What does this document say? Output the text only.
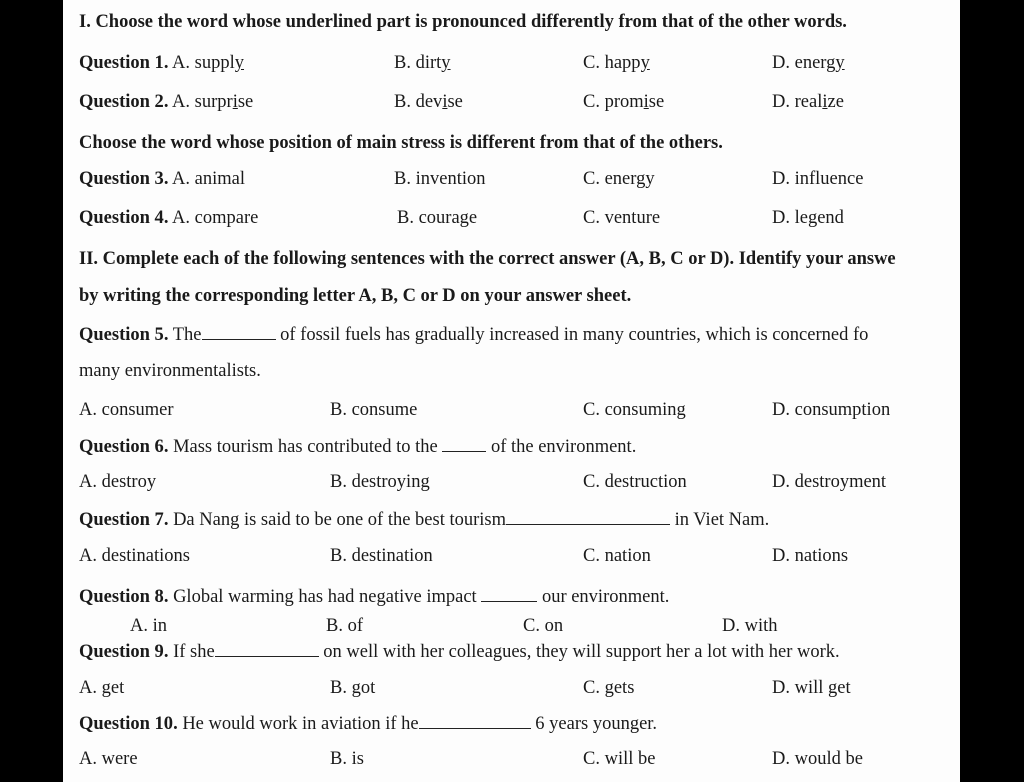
I. Choose the word whose underlined part is pronounced differently from that of the other words.
Question 1. A. supply	B. dirty	C. happy	D. energy
Question 2. A. surprise	B. devise	C. promise	D. realize
Choose the word whose position of main stress is different from that of the others.
Question 3. A. animal	B. invention	C. energy	D. influence
Question 4. A. compare	B. courage	C. venture	D. legend
II. Complete each of the following sentences with the correct answer (A, B, C or D). Identify your answe
by writing the corresponding letter A, B, C or D on your answer sheet.
Question 5. The	of fossil fuels has gradually increased in many countries, which is concerned fo
many environmentalists.
A. consumer	B. consume	C. consuming	D. consumption
Question 6. Mass tourism has contributed to the	of the environment.
A. destroy	B. destroying	C. destruction	D. destroyment
Question 7. Da Nang is said to be one of the best tourism	in Viet Nam.
A. destinations	B. destination	C. nation	D. nations
Question 8. Global warming has had negative impact	our environment.
A. in	B. of	C. on	D. with
Question 9. If she	on well with her colleagues, they will support her a lot with her work.
A. get	B. got	C. gets	D. will get
Question 10. He would work in aviation if he	6 years younger.
A. were	B. is	C. will be	D. would be
